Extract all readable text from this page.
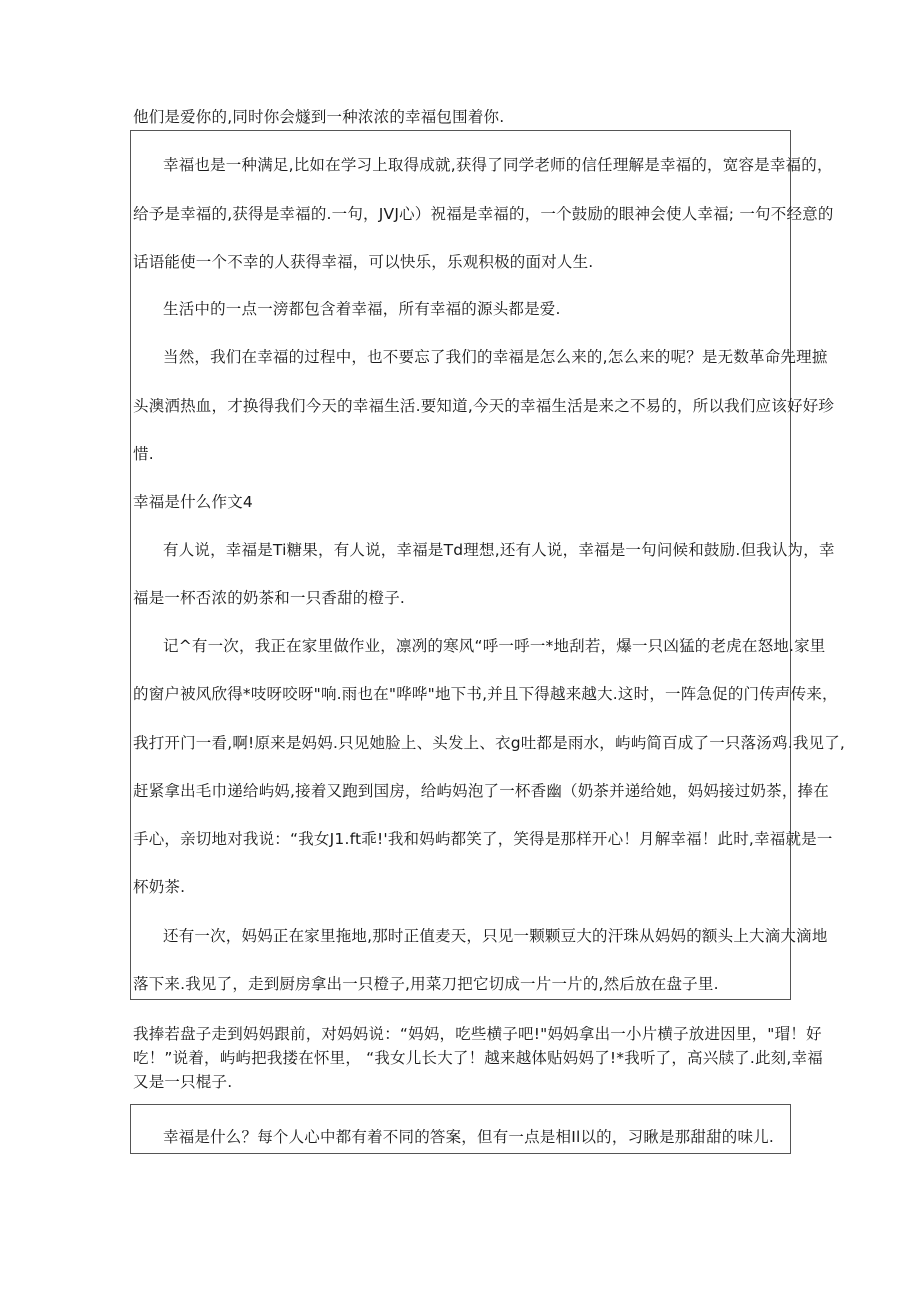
他们是爱你的,同时你会燧到一种浓浓的幸福包围着你.
幸福也是一种满足,比如在学习上取得成就,获得了同学老师的信任理解是幸福的，宽容是幸福的，
给予是幸福的,获得是幸福的.一句，JVJ心）祝福是幸福的，一个鼓励的眼神会使人幸福; 一句不经意的
话语能使一个不幸的人获得幸福，可以快乐，乐观积极的面对人生.
生活中的一点一滂都包含着幸福，所有幸福的源头都是爱.
当然，我们在幸福的过程中，也不要忘了我们的幸福是怎么来的,怎么来的呢？是无数革命先理摭
头澳洒热血，才换得我们今天的幸福生活.要知道,今天的幸福生活是来之不易的，所以我们应该好好珍
惜.
幸福是什么作文4
有人说，幸福是Ti糖果，有人说，幸福是Td理想,还有人说，幸福是一句问候和鼓励.但我认为，幸
福是一杯否浓的奶茶和一只香甜的橙子.
记^有一次，我正在家里做作业，凛冽的寒风“呼一呼一*地刮若，爆一只凶猛的老虎在怒地.家里
的窗户被风欣得*吱呀咬呀"响.雨也在"哗哗"地下书,并且下得越来越大.这时，一阵急促的门传声传来，
我打开门一看,啊!原来是妈妈.只见她脸上、头发上、衣g吐都是雨水，屿屿简百成了一只落汤鸡.我见了,
赶紧拿出毛巾递给屿妈,接着又跑到国房，给屿妈泡了一杯香幽（奶茶并递给她，妈妈接过奶茶，捧在
手心，亲切地对我说：“我女J1.ft乖!'我和妈屿都笑了，笑得是那样开心！月解幸福！此时,幸福就是一
杯奶茶.
还有一次，妈妈正在家里拖地,那时正值麦天，只见一颗颗豆大的汗珠从妈妈的额头上大滴大滴地
落下来.我见了，走到厨房拿出一只橙子,用菜刀把它切成一片一片的,然后放在盘子里.
我捧若盘子走到妈妈跟前，对妈妈说：“妈妈，吃些横子吧!"妈妈拿出一小片横子放进因里，"瑁！好
吃！”说着，屿屿把我搂在怀里， “我女儿长大了！越来越体贴妈妈了!*我听了，高兴牍了.此刻,幸福
又是一只棍子.
幸福是什么？每个人心中都有着不同的答案，但有一点是相Il以的，习瞅是那甜甜的味儿.
